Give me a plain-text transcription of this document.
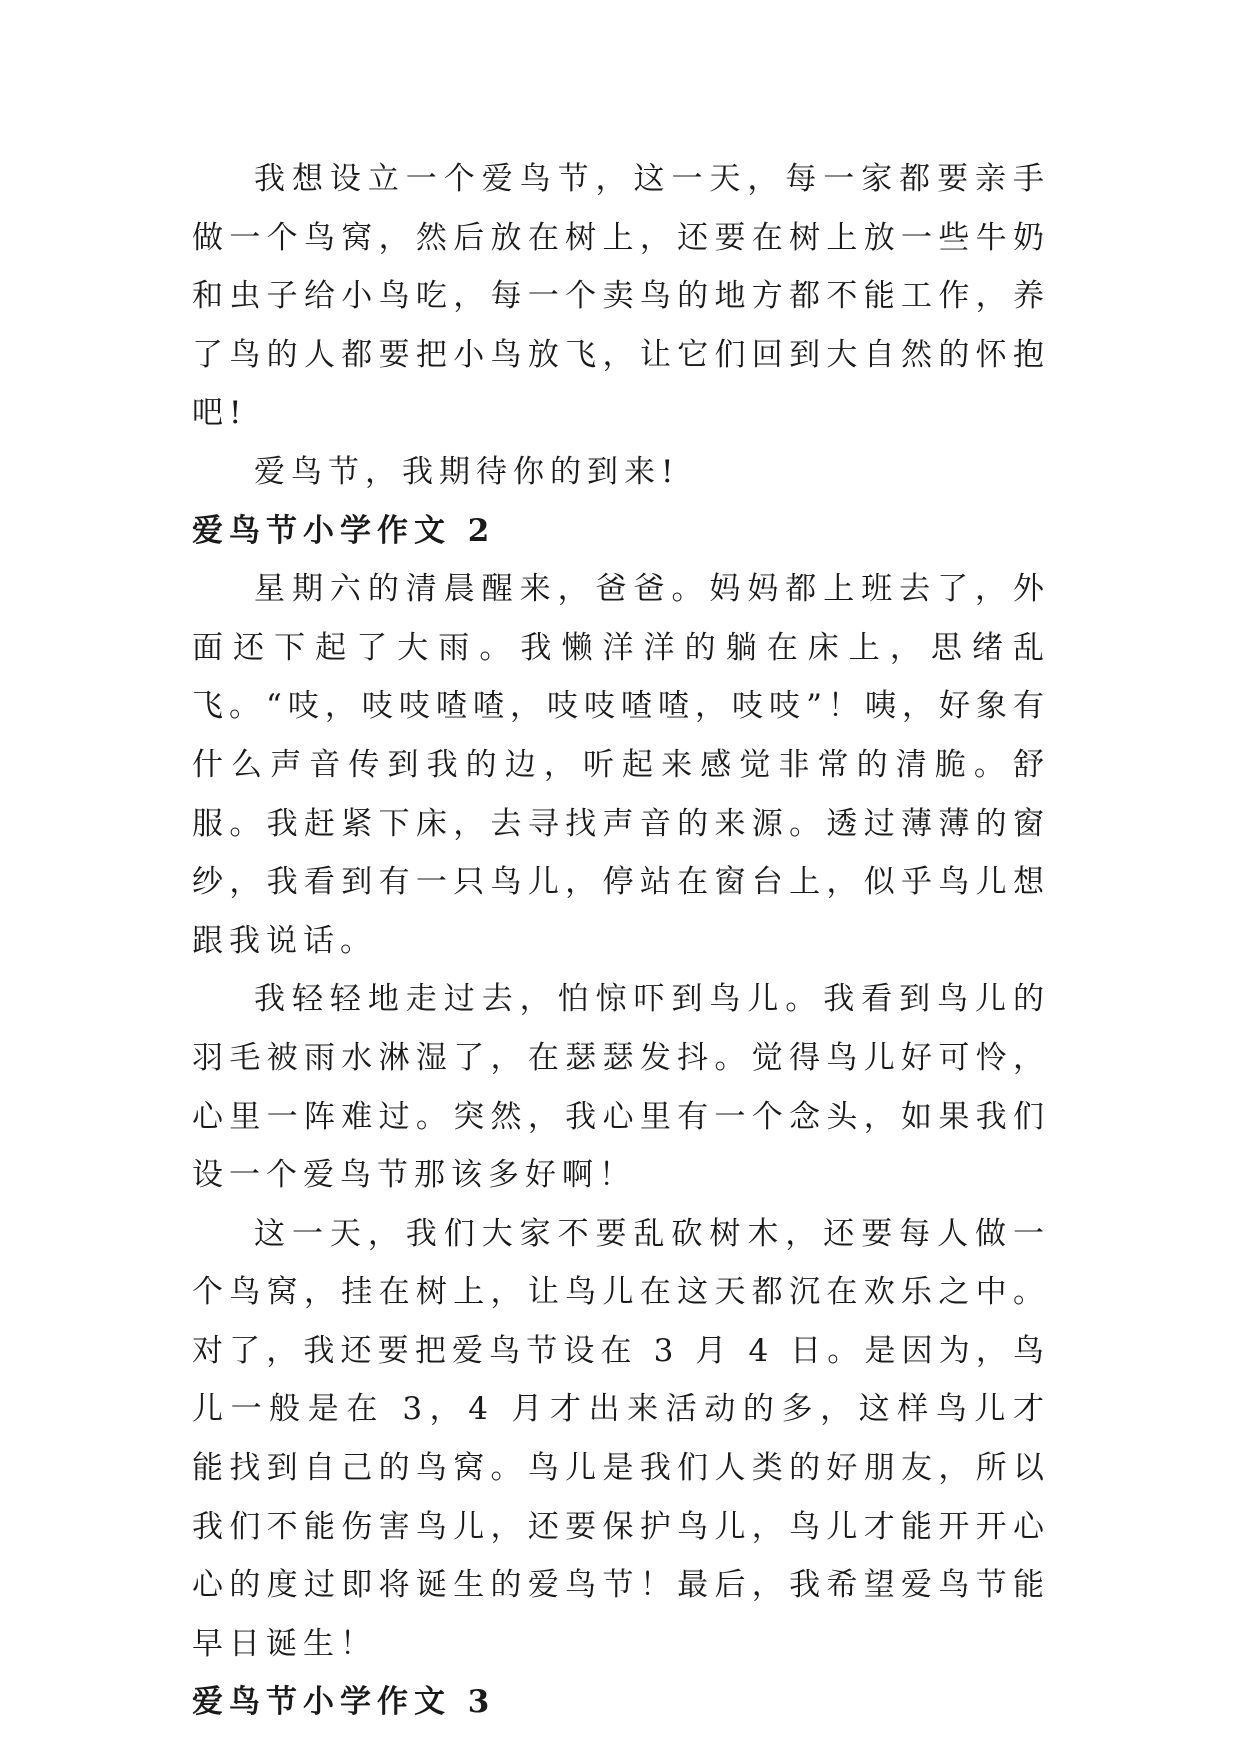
我想设立一个爱鸟节，这一天，每一家都要亲手做一个鸟窝，然后放在树上，还要在树上放一些牛奶和虫子给小鸟吃，每一个卖鸟的地方都不能工作，养了鸟的人都要把小鸟放飞，让它们回到大自然的怀抱吧!

爱鸟节，我期待你的到来!

爱鸟节小学作文 2

星期六的清晨醒来，爸爸。妈妈都上班去了，外面还下起了大雨。我懒洋洋的躺在床上，思绪乱飞。“吱，吱吱喳喳，吱吱喳喳，吱吱”！咦，好象有什么声音传到我的边，听起来感觉非常的清脆。舒服。我赶紧下床，去寻找声音的来源。透过薄薄的窗纱，我看到有一只鸟儿，停站在窗台上，似乎鸟儿想跟我说话。

我轻轻地走过去，怕惊吓到鸟儿。我看到鸟儿的羽毛被雨水淋湿了，在瑟瑟发抖。觉得鸟儿好可怜，心里一阵难过。突然，我心里有一个念头，如果我们设一个爱鸟节那该多好啊！

这一天，我们大家不要乱砍树木，还要每人做一个鸟窝，挂在树上，让鸟儿在这天都沉在欢乐之中。对了，我还要把爱鸟节设在 3 月 4 日。是因为，鸟儿一般是在 3，4 月才出来活动的多，这样鸟儿才能找到自己的鸟窝。鸟儿是我们人类的好朋友，所以我们不能伤害鸟儿，还要保护鸟儿，鸟儿才能开开心心的度过即将诞生的爱鸟节！最后，我希望爱鸟节能早日诞生！

爱鸟节小学作文 3
